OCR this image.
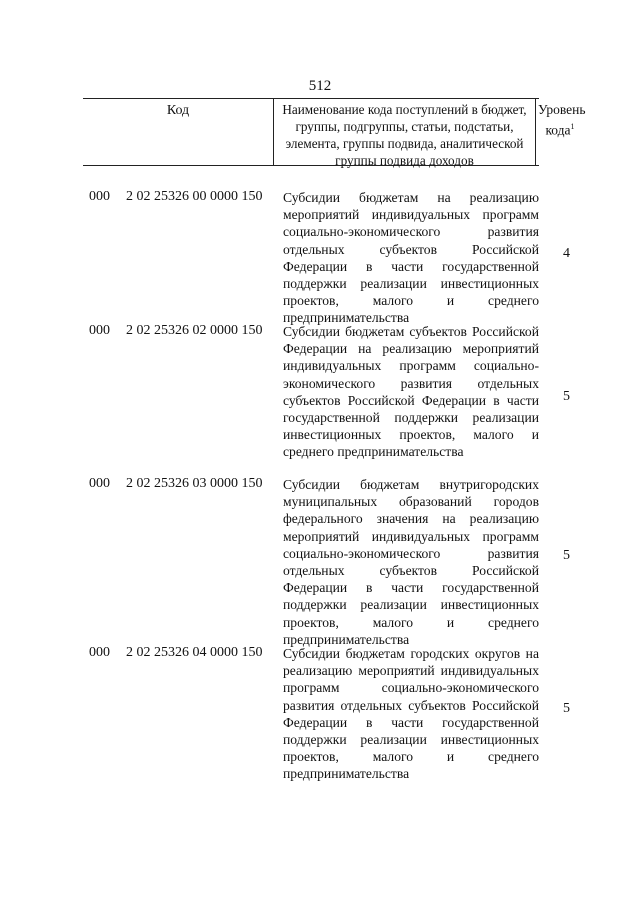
512
Код	Наименование кода поступлений в бюджет, группы, подгруппы, статьи, подстатьи, элемента, группы подвида, аналитической группы подвида доходов
Уровень кода$^1$
000 2 02 25326 00 0000 150 Субсидии бюджетам на реализацию мероприятий индивидуальных программ социально-экономического развития отдельных субъектов Российской Федерации в части государственной поддержки реализации инвестиционных проектов, малого и среднего предпринимательства
4
000 2 02 25326 02 0000 150 Субсидии бюджетам субъектов Российской Федерации на реализацию мероприятий индивидуальных программ социально-экономического развития отдельных субъектов Российской Федерации в части государственной поддержки реализации инвестиционных проектов, малого и среднего предпринимательства
5
000 2 02 25326 03 0000 150 Субсидии бюджетам внутригородских муниципальных образований городов федерального значения на реализацию мероприятий индивидуальных программ социально-экономического развития отдельных субъектов Российской Федерации в части государственной поддержки реализации инвестиционных проектов, малого и среднего предпринимательства
5
000 2 02 25326 04 0000 150 Субсидии бюджетам городских округов на реализацию мероприятий индивидуальных программ социально-экономического развития отдельных субъектов Российской Федерации в части государственной поддержки реализации инвестиционных проектов, малого и среднего предпринимательства
5
